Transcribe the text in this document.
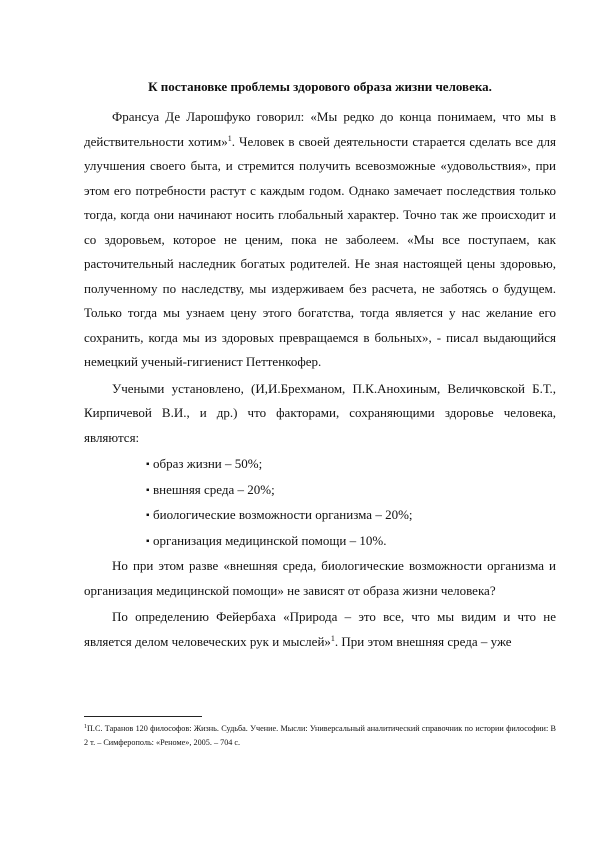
К постановке проблемы здорового образа жизни человека.

Франсуа Де Ларошфуко говорил: «Мы редко до конца понимаем, что мы в действительности хотим»$^1$. Человек в своей деятельности старается сделать все для улучшения своего быта, и стремится получить всевозможные «удовольствия», при этом его потребности растут с каждым годом. Однако замечает последствия только тогда, когда они начинают носить глобальный характер. Точно так же происходит и со здоровьем, которое не ценим, пока не заболеем. «Мы все поступаем, как расточительный наследник богатых родителей. Не зная настоящей цены здоровью, полученному по наследству, мы издерживаем без расчета, не заботясь о будущем. Только тогда мы узнаем цену этого богатства, тогда является у нас желание его сохранить, когда мы из здоровых превращаемся в больных», - писал выдающийся немецкий ученый-гигиенист Петтенкофер.

Учеными установлено, (И,И.Брехманом, П.К.Анохиным, Величковской Б.Т., Кирпичевой В.И., и др.) что факторами, сохраняющими здоровье человека, являются:

▪ образ жизни – 50%;
▪ внешняя среда – 20%;
▪ биологические возможности организма – 20%;
▪ организация медицинской помощи – 10%.

Но при этом разве «внешняя среда, биологические возможности организма и организация медицинской помощи» не зависят от образа жизни человека?

По определению Фейербаха «Природа – это все, что мы видим и что не является делом человеческих рук и мыслей»$^1$. При этом внешняя среда – уже

$^1$П.С. Таранов 120 философов: Жизнь. Судьба. Учение. Мысли: Универсальный аналитический справочник по истории философии: В 2 т. – Симферополь: «Реноме», 2005. – 704 с.
